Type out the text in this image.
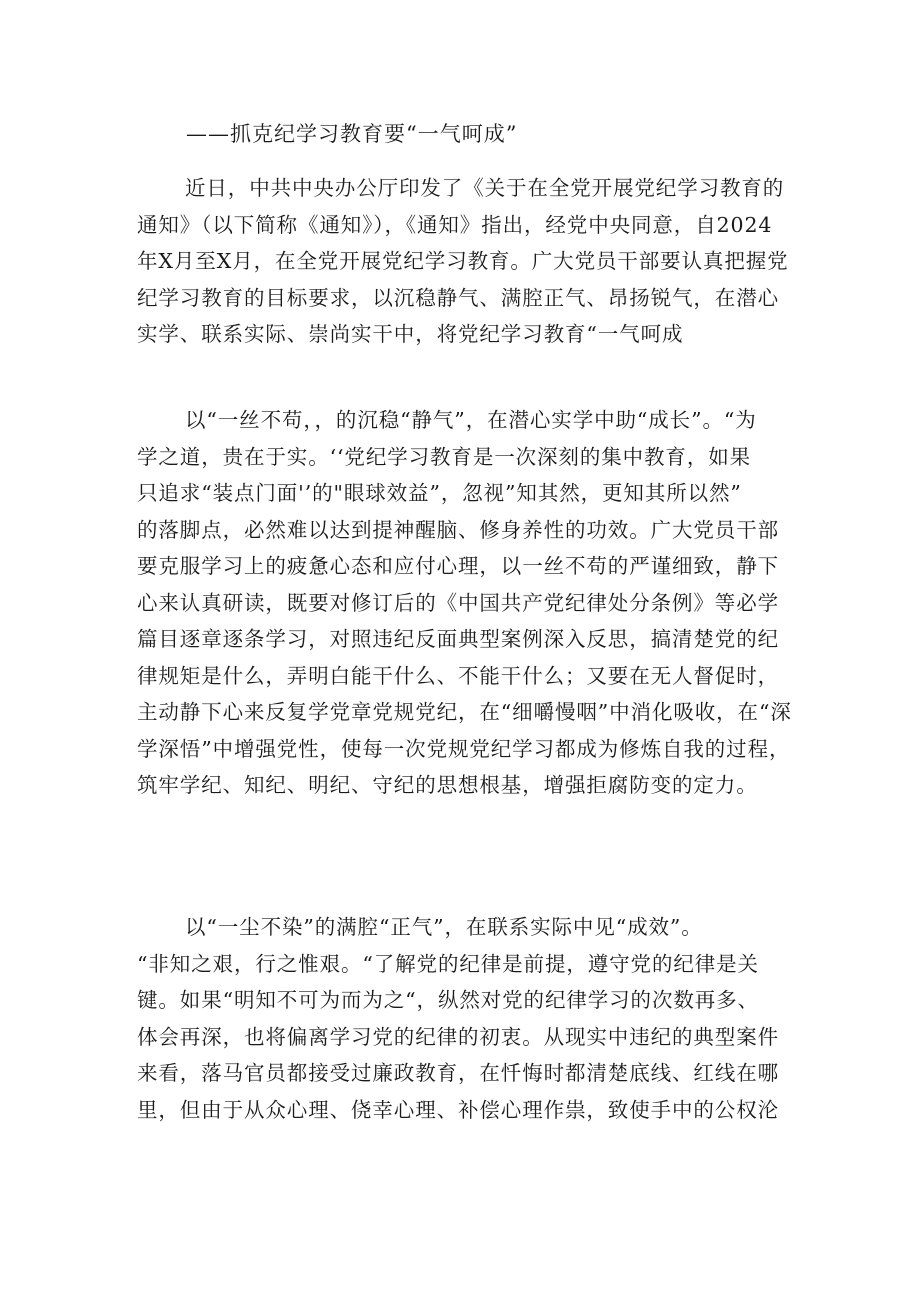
——抓克纪学习教育要“一气呵成”
近日，中共中央办公厅印发了《关于在全党开展党纪学习教育的
通知》（以下简称《通知》），《通知》指出，经党中央同意，自2024
年X月至X月，在全党开展党纪学习教育。广大党员干部要认真把握党
纪学习教育的目标要求，以沉稳静气、满腔正气、昂扬锐气，在潜心
实学、联系实际、崇尚实干中，将党纪学习教育“一气呵成
以“一丝不苟，，的沉稳“静气”，在潜心实学中助“成长”。“为
学之道，贵在于实。‘‘党纪学习教育是一次深刻的集中教育，如果
只追求“装点门面'’的"眼球效益”，忽视”知其然，更知其所以然”
的落脚点，必然难以达到提神醒脑、修身养性的功效。广大党员干部
要克服学习上的疲惫心态和应付心理，以一丝不苟的严谨细致，静下
心来认真研读，既要对修订后的《中国共产党纪律处分条例》等必学
篇目逐章逐条学习，对照违纪反面典型案例深入反思，搞清楚党的纪
律规矩是什么，弄明白能干什么、不能干什么；又要在无人督促时，
主动静下心来反复学党章党规党纪，在“细嚼慢咽”中消化吸收，在“深
学深悟”中增强党性，使每一次党规党纪学习都成为修炼自我的过程，
筑牢学纪、知纪、明纪、守纪的思想根基，增强拒腐防变的定力。
以“一尘不染”的满腔“正气”，在联系实际中见“成效”。
“非知之艰，行之惟艰。“了解党的纪律是前提，遵守党的纪律是关
键。如果“明知不可为而为之“，纵然对党的纪律学习的次数再多、
体会再深，也将偏离学习党的纪律的初衷。从现实中违纪的典型案件
来看，落马官员都接受过廉政教育，在忏悔时都清楚底线、红线在哪
里，但由于从众心理、侥幸心理、补偿心理作祟，致使手中的公权沦
